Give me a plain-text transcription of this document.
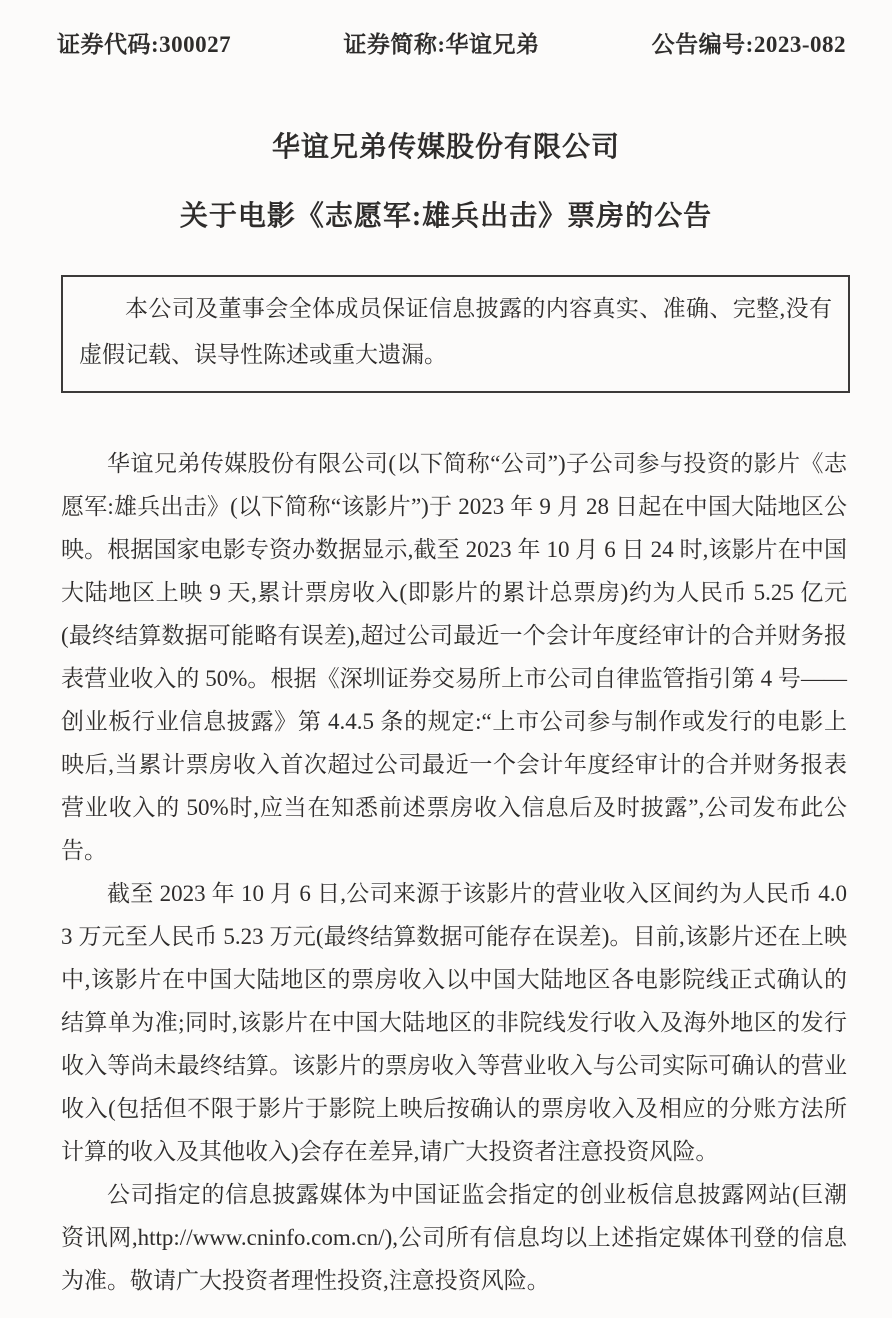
证券代码:300027	证券简称:华谊兄弟	公告编号:2023-082
华谊兄弟传媒股份有限公司
关于电影《志愿军:雄兵出击》票房的公告

本公司及董事会全体成员保证信息披露的内容真实、准确、完整,没有虚假记载、误导性陈述或重大遗漏。

华谊兄弟传媒股份有限公司(以下简称“公司”)子公司参与投资的影片《志愿军:雄兵出击》(以下简称“该影片”)于 2023 年 9 月 28 日起在中国大陆地区公映。根据国家电影专资办数据显示,截至 2023 年 10 月 6 日 24 时,该影片在中国大陆地区上映 9 天,累计票房收入(即影片的累计总票房)约为人民币 5.25 亿元(最终结算数据可能略有误差),超过公司最近一个会计年度经审计的合并财务报表营业收入的 50%。根据《深圳证券交易所上市公司自律监管指引第 4 号——创业板行业信息披露》第 4.4.5 条的规定:“上市公司参与制作或发行的电影上映后,当累计票房收入首次超过公司最近一个会计年度经审计的合并财务报表营业收入的 50%时,应当在知悉前述票房收入信息后及时披露”,公司发布此公告。

截至 2023 年 10 月 6 日,公司来源于该影片的营业收入区间约为人民币 4.03 万元至人民币 5.23 万元(最终结算数据可能存在误差)。目前,该影片还在上映中,该影片在中国大陆地区的票房收入以中国大陆地区各电影院线正式确认的结算单为准;同时,该影片在中国大陆地区的非院线发行收入及海外地区的发行收入等尚未最终结算。该影片的票房收入等营业收入与公司实际可确认的营业收入(包括但不限于影片于影院上映后按确认的票房收入及相应的分账方法所计算的收入及其他收入)会存在差异,请广大投资者注意投资风险。

公司指定的信息披露媒体为中国证监会指定的创业板信息披露网站(巨潮资讯网,http://www.cninfo.com.cn/),公司所有信息均以上述指定媒体刊登的信息为准。敬请广大投资者理性投资,注意投资风险。
